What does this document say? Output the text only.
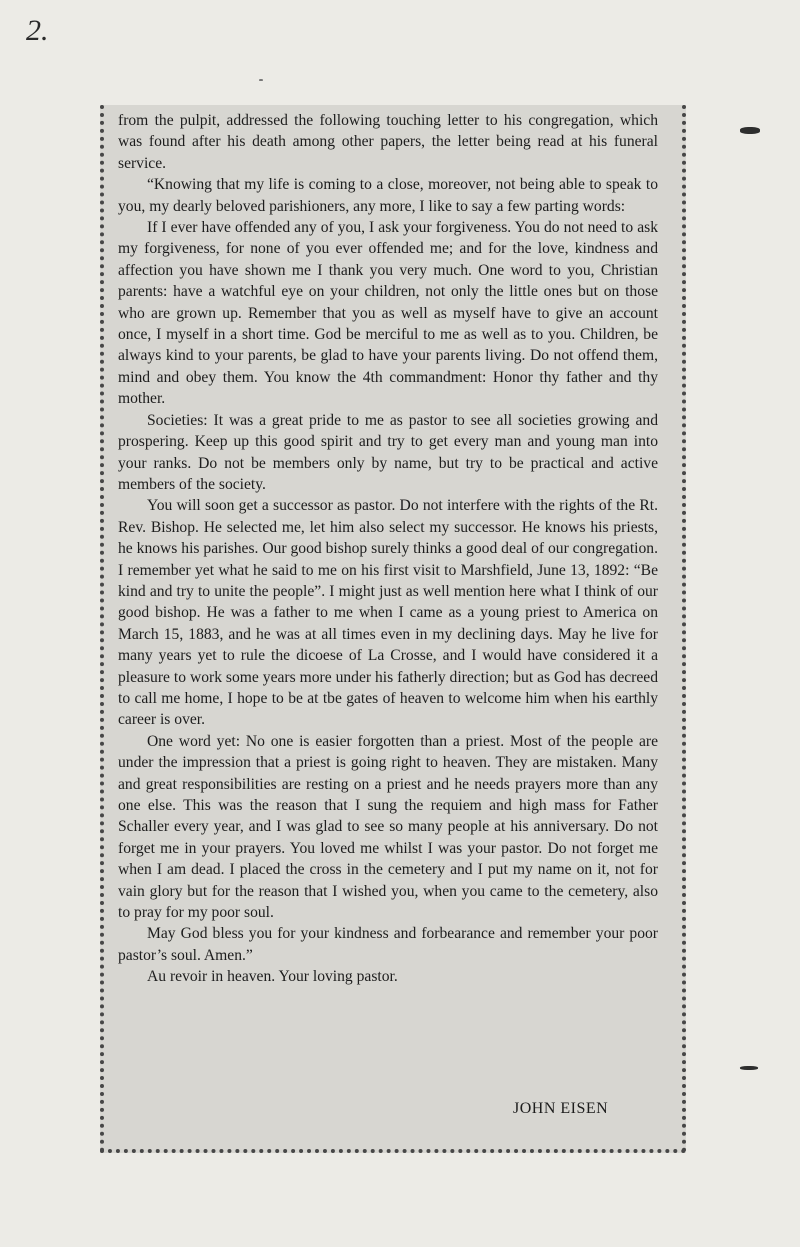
2.

from the pulpit, addressed the following touching letter to his congregation, which was found after his death among other papers, the letter being read at his funeral service.

“Knowing that my life is coming to a close, moreover, not being able to speak to you, my dearly beloved parishioners, any more, I like to say a few parting words:

If I ever have offended any of you, I ask your forgiveness. You do not need to ask my forgiveness, for none of you ever offended me; and for the love, kindness and affection you have shown me I thank you very much. One word to you, Christian parents: have a watchful eye on your children, not only the little ones but on those who are grown up. Remember that you as well as myself have to give an account once, I myself in a short time. God be merciful to me as well as to you. Children, be always kind to your parents, be glad to have your parents living. Do not offend them, mind and obey them. You know the 4th commandment: Honor thy father and thy mother.

Societies: It was a great pride to me as pastor to see all societies growing and prospering. Keep up this good spirit and try to get every man and young man into your ranks. Do not be members only by name, but try to be practical and active members of the society.

You will soon get a successor as pastor. Do not interfere with the rights of the Rt. Rev. Bishop. He selected me, let him also select my successor. He knows his priests, he knows his parishes. Our good bishop surely thinks a good deal of our congregation. I remember yet what he said to me on his first visit to Marshfield, June 13, 1892: “Be kind and try to unite the people”. I might just as well mention here what I think of our good bishop. He was a father to me when I came as a young priest to America on March 15, 1883, and he was at all times even in my declining days. May he live for many years yet to rule the dicoese of La Crosse, and I would have considered it a pleasure to work some years more under his fatherly direction; but as God has decreed to call me home, I hope to be at tbe gates of heaven to welcome him when his earthly career is over.

One word yet: No one is easier forgotten than a priest. Most of the people are under the impression that a priest is going right to heaven. They are mistaken. Many and great responsibilities are resting on a priest and he needs prayers more than any one else. This was the reason that I sung the requiem and high mass for Father Schaller every year, and I was glad to see so many people at his anniversary. Do not forget me in your prayers. You loved me whilst I was your pastor. Do not forget me when I am dead. I placed the cross in the cemetery and I put my name on it, not for vain glory but for the reason that I wished you, when you came to the cemetery, also to pray for my poor soul.

May God bless you for your kindness and forbearance and remember your poor pastor’s soul. Amen.”

Au revoir in heaven. Your loving pastor.

JOHN EISEN
